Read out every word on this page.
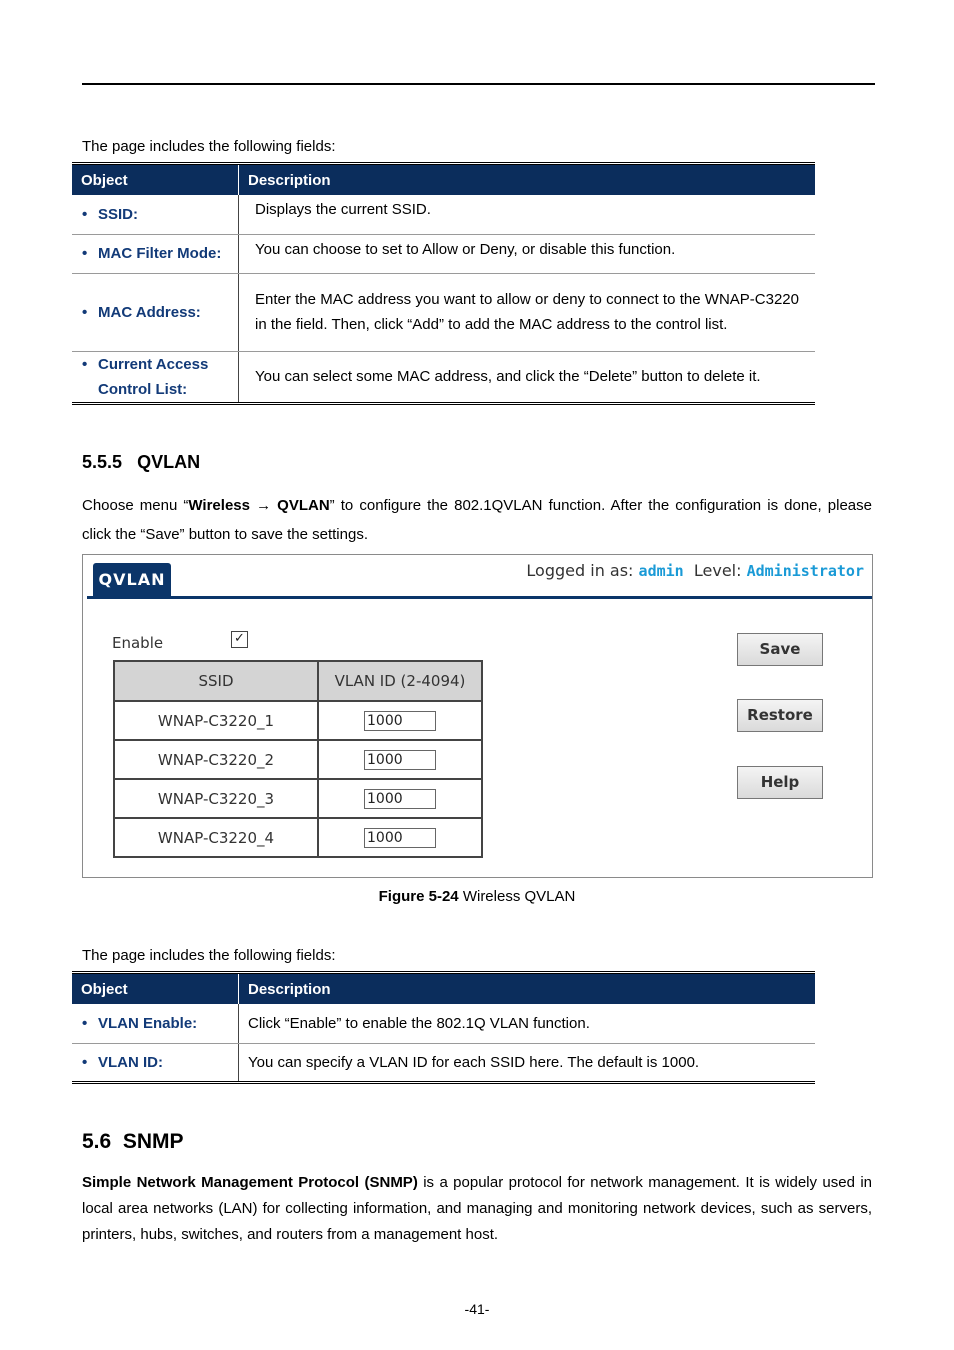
The page includes the following fields:
Object	Description
• SSID:	Displays the current SSID.
• MAC Filter Mode:	You can choose to set to Allow or Deny, or disable this function.
• MAC Address:	Enter the MAC address you want to allow or deny to connect to the WNAP-C3220 in the field. Then, click “Add” to add the MAC address to the control list.

• Current Access Control List:	You can select some MAC address, and click the “Delete” button to delete it.
5.5.5 QVLAN
Choose menu “Wireless → QVLAN” to configure the 802.1QVLAN function. After the configuration is done, please click the “Save” button to save the settings.
QVLAN	Logged in as: admin Level: Administrator
Enable	✓
SSID	VLAN ID (2-4094)
WNAP-C3220_1	1000
WNAP-C3220_2	1000
WNAP-C3220_3	1000
WNAP-C3220_4	1000
Save
Restore
Help
Figure 5-24 Wireless QVLAN
The page includes the following fields:
Object	Description
• VLAN Enable:	Click “Enable” to enable the 802.1Q VLAN function.
• VLAN ID:	You can specify a VLAN ID for each SSID here. The default is 1000.
5.6 SNMP
Simple Network Management Protocol (SNMP) is a popular protocol for network management. It is widely used in local area networks (LAN) for collecting information, and managing and monitoring network devices, such as servers, printers, hubs, switches, and routers from a management host.
-41-
